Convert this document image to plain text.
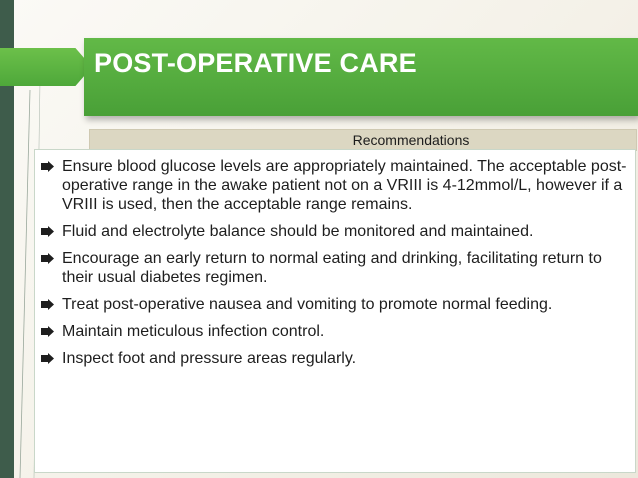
POST-OPERATIVE CARE
Recommendations
Ensure blood glucose levels are appropriately maintained. The acceptable post-operative range in the awake patient not on a VRIII is 4-12mmol/L, however if a VRIII is used, then the acceptable range remains.
Fluid and electrolyte balance should be monitored and maintained.
Encourage an early return to normal eating and drinking, facilitating return to their usual diabetes regimen.
Treat post-operative nausea and vomiting to promote normal feeding.
Maintain meticulous infection control.
Inspect foot and pressure areas regularly.
